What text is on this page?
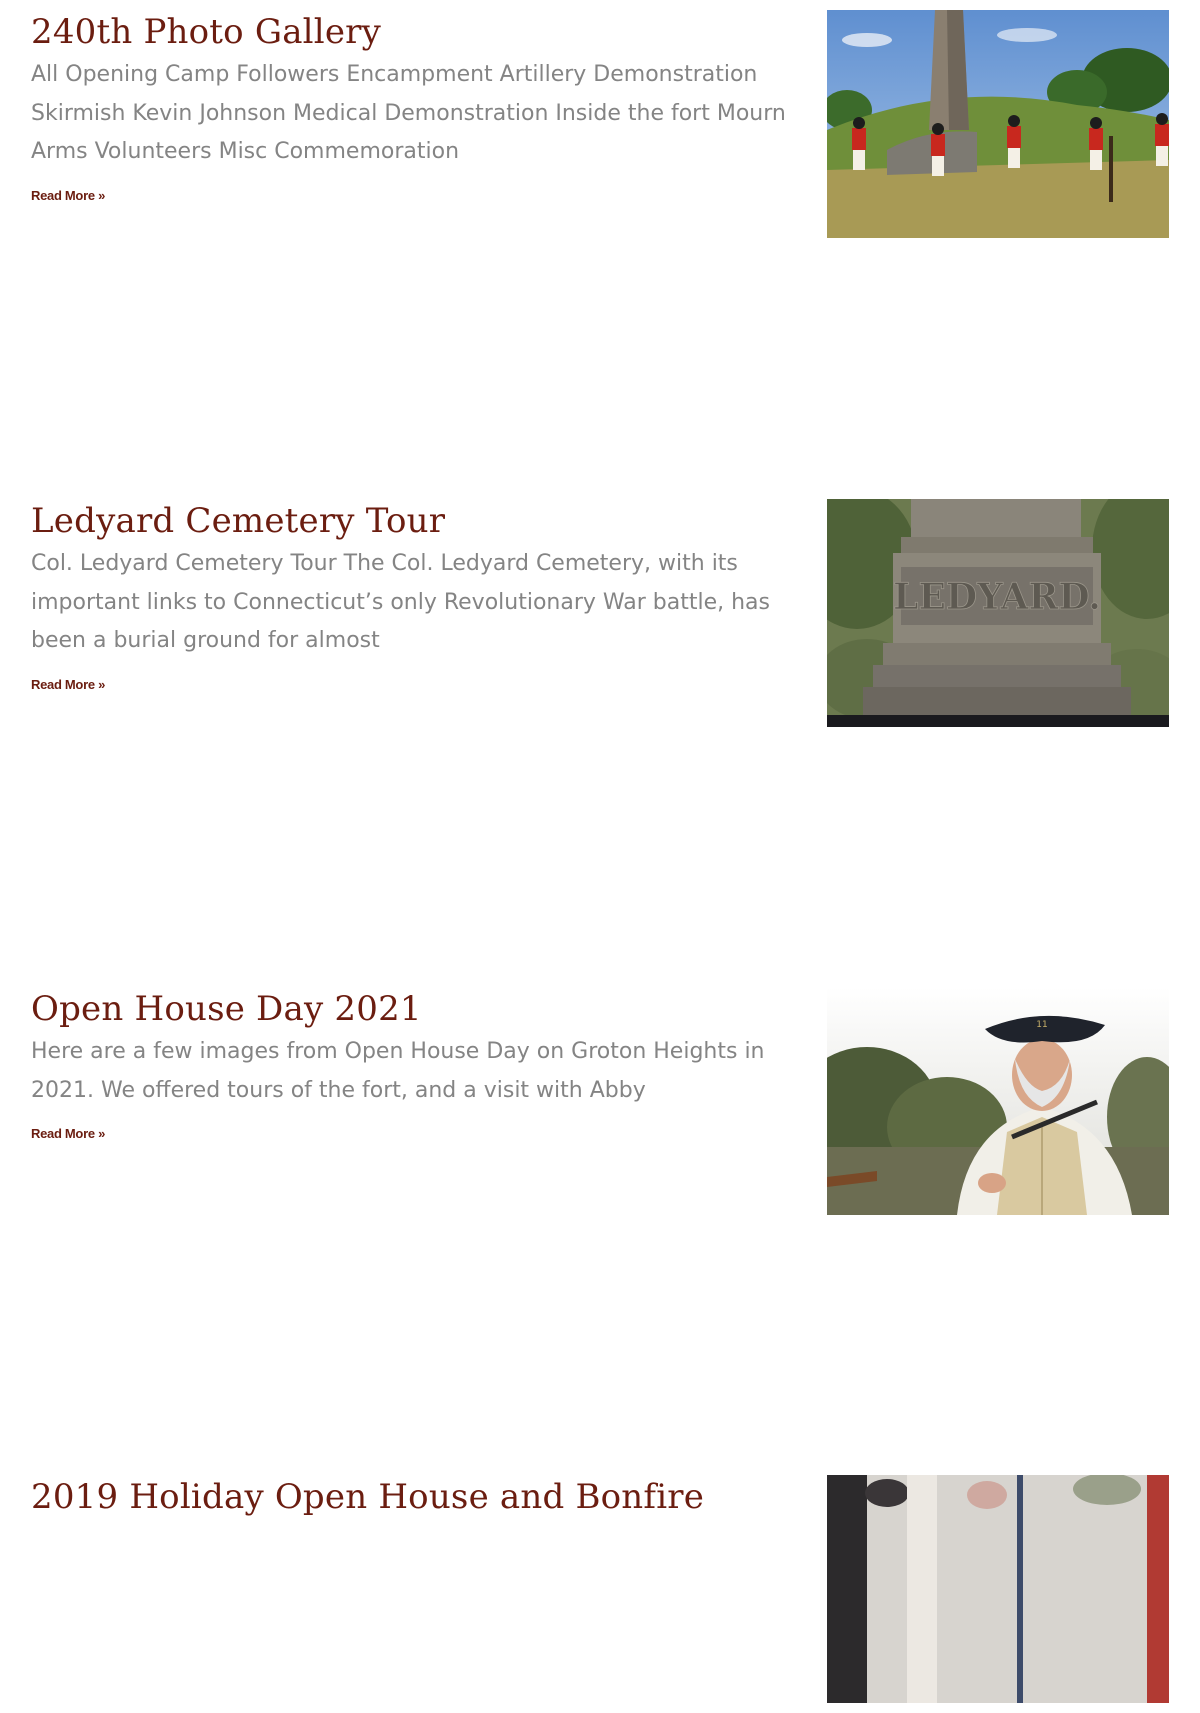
240th Photo Gallery

All Opening Camp Followers Encampment Artillery Demonstration Skirmish Kevin Johnson Medical Demonstration Inside the fort Mourn Arms Volunteers Misc Commemoration

Read More »
Ledyard Cemetery Tour

Col. Ledyard Cemetery Tour The Col. Ledyard Cemetery, with its important links to Connecticut’s only Revolutionary War battle, has been a burial ground for almost

Read More »
LEDYARD.
Open House Day 2021

Here are a few images from Open House Day on Groton Heights in 2021. We offered tours of the fort, and a visit with Abby

Read More »
11
2019 Holiday Open House and Bonfire
